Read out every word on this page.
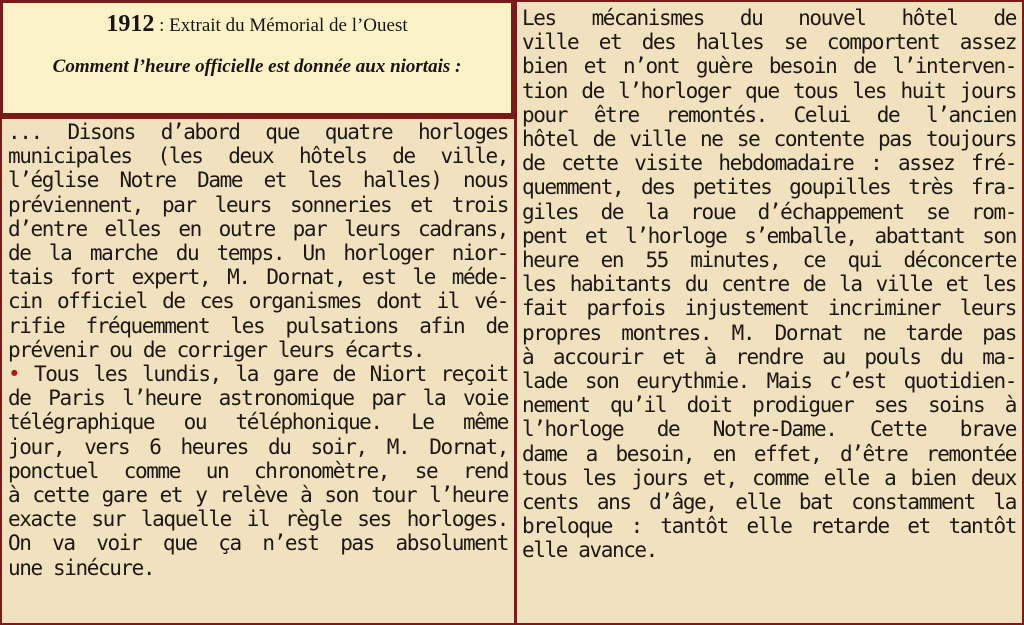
1912 : Extrait du Mémorial de l’Ouest
Comment l’heure officielle est donnée aux niortais :
... Disons d’abord que quatre horloges
municipales (les deux hôtels de ville,
l’église Notre Dame et les halles) nous
préviennent, par leurs sonneries et trois
d’entre elles en outre par leurs cadrans,
de la marche du temps. Un horloger nior-
tais fort expert, M. Dornat, est le méde-
cin officiel de ces organismes dont il vé-
rifie fréquemment les pulsations afin de
prévenir ou de corriger leurs écarts.
• Tous les lundis, la gare de Niort reçoit
de Paris l’heure astronomique par la voie
télégraphique ou téléphonique. Le même
jour, vers 6 heures du soir, M. Dornat,
ponctuel comme un chronomètre, se rend
à cette gare et y relève à son tour l’heure
exacte sur laquelle il règle ses horloges.
On va voir que ça n’est pas absolument
une sinécure.
Les mécanismes du nouvel hôtel de
ville et des halles se comportent assez
bien et n’ont guère besoin de l’interven-
tion de l’horloger que tous les huit jours
pour être remontés. Celui de l’ancien
hôtel de ville ne se contente pas toujours
de cette visite hebdomadaire : assez fré-
quemment, des petites goupilles très fra-
giles de la roue d’échappement se rom-
pent et l’horloge s’emballe, abattant son
heure en 55 minutes, ce qui déconcerte
les habitants du centre de la ville et les
fait parfois injustement incriminer leurs
propres montres. M. Dornat ne tarde pas
à accourir et à rendre au pouls du ma-
lade son eurythmie. Mais c’est quotidien-
nement qu’il doit prodiguer ses soins à
l’horloge de Notre-Dame. Cette brave
dame a besoin, en effet, d’être remontée
tous les jours et, comme elle a bien deux
cents ans d’âge, elle bat constamment la
breloque : tantôt elle retarde et tantôt
elle avance.
